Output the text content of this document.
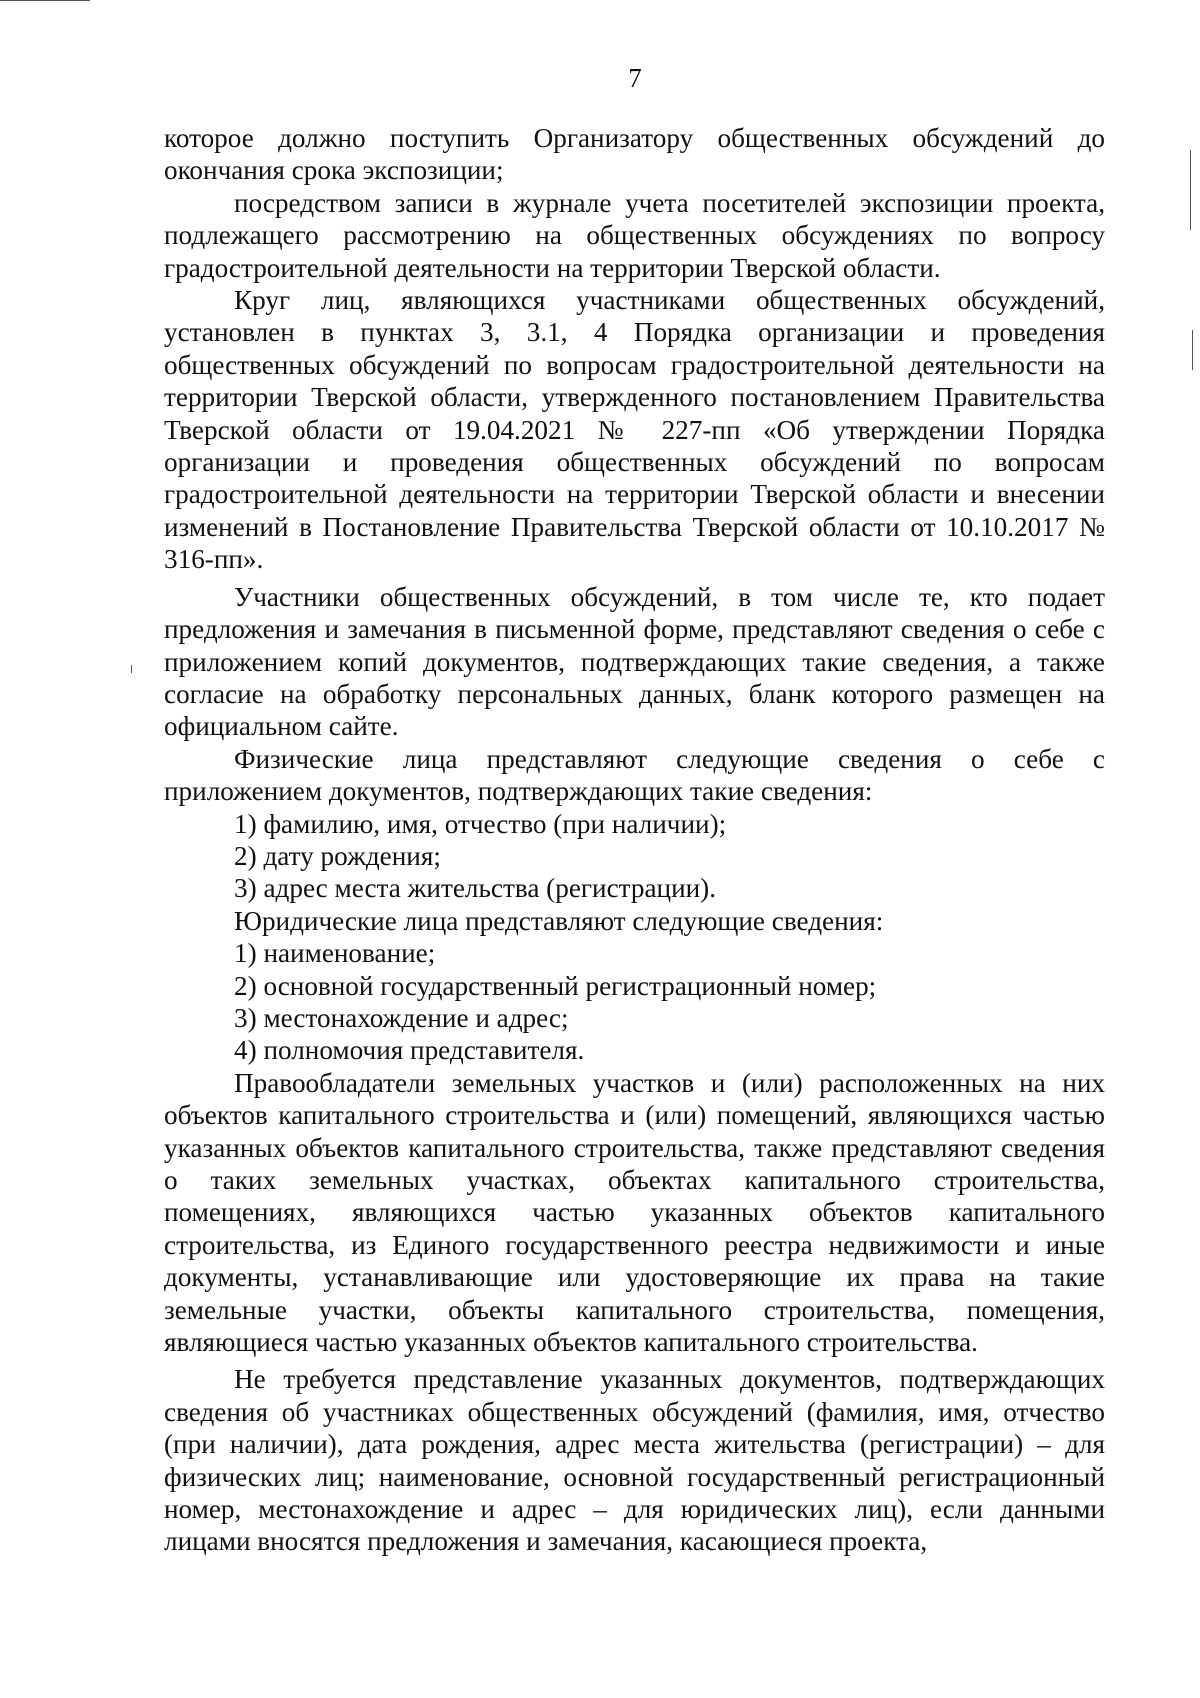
7

которое должно поступить Организатору общественных обсуждений до окончания срока экспозиции;

посредством записи в журнале учета посетителей экспозиции проекта, подлежащего рассмотрению на общественных обсуждениях по вопросу градостроительной деятельности на территории Тверской области.

Круг лиц, являющихся участниками общественных обсуждений, установлен в пунктах 3, 3.1, 4 Порядка организации и проведения общественных обсуждений по вопросам градостроительной деятельности на территории Тверской области, утвержденного постановлением Правительства Тверской области от 19.04.2021 № 227-пп «Об утверждении Порядка организации и проведения общественных обсуждений по вопросам градостроительной деятельности на территории Тверской области и внесении изменений в Постановление Правительства Тверской области от 10.10.2017 № 316-пп».

Участники общественных обсуждений, в том числе те, кто подает предложения и замечания в письменной форме, представляют сведения о себе с приложением копий документов, подтверждающих такие сведения, а также согласие на обработку персональных данных, бланк которого размещен на официальном сайте.

Физические лица представляют следующие сведения о себе с приложением документов, подтверждающих такие сведения:

1) фамилию, имя, отчество (при наличии);

2) дату рождения;

3) адрес места жительства (регистрации).

Юридические лица представляют следующие сведения:

1) наименование;

2) основной государственный регистрационный номер;

3) местонахождение и адрес;

4) полномочия представителя.

Правообладатели земельных участков и (или) расположенных на них объектов капитального строительства и (или) помещений, являющихся частью указанных объектов капитального строительства, также представляют сведения о таких земельных участках, объектах капитального строительства, помещениях, являющихся частью указанных объектов капитального строительства, из Единого государственного реестра недвижимости и иные документы, устанавливающие или удостоверяющие их права на такие земельные участки, объекты капитального строительства, помещения, являющиеся частью указанных объектов капитального строительства.

Не требуется представление указанных документов, подтверждающих сведения об участниках общественных обсуждений (фамилия, имя, отчество (при наличии), дата рождения, адрес места жительства (регистрации) – для физических лиц; наименование, основной государственный регистрационный номер, местонахождение и адрес – для юридических лиц), если данными лицами вносятся предложения и замечания, касающиеся проекта,
